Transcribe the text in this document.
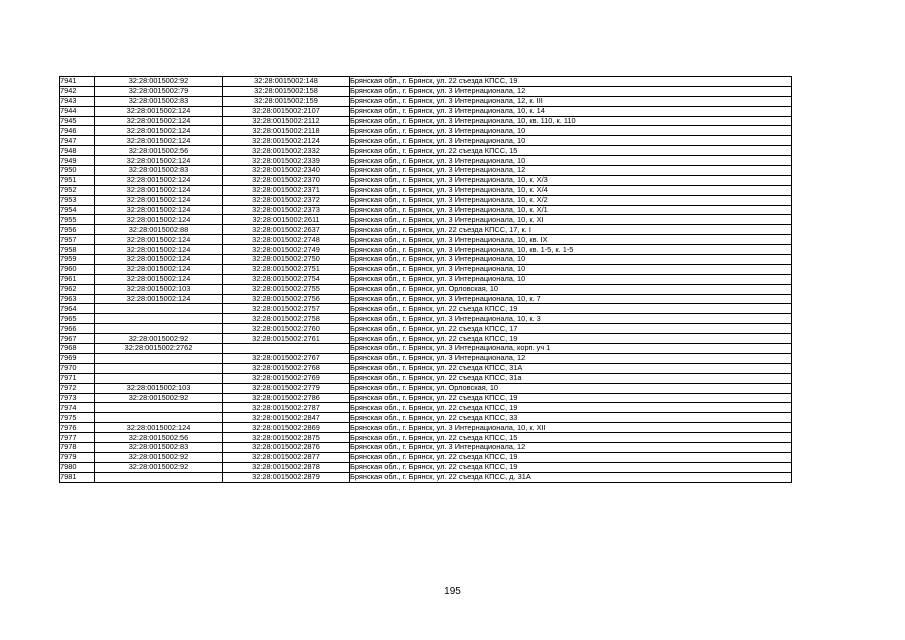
7941	32:28:0015002:92	32:28:0015002:148	Брянская обл., г. Брянск, ул. 22 съезда КПСС, 19
7942	32:28:0015002:79	32:28:0015002:158	Брянская обл., г. Брянск, ул. 3 Интернационала, 12
7943	32:28:0015002:83	32:28:0015002:159	Брянская обл., г. Брянск, ул. 3 Интернационала, 12, к. III
7944	32:28:0015002:124	32:28:0015002:2107	Брянская обл., г. Брянск, ул. 3 Интернационала, 10, к. 14
7945	32:28:0015002:124	32:28:0015002:2112	Брянская обл., г. Брянск, ул. 3 Интернационала, 10, кв. 110, к. 110
7946	32:28:0015002:124	32:28:0015002:2118	Брянская обл., г. Брянск, ул. 3 Интернационала, 10
7947	32:28:0015002:124	32:28:0015002:2124	Брянская обл., г. Брянск, ул. 3 Интернационала, 10
7948	32:28:0015002:56	32:28:0015002:2332	Брянская обл., г. Брянск, ул. 22 съезда КПСС, 15
7949	32:28:0015002:124	32:28:0015002:2339	Брянская обл., г. Брянск, ул. 3 Интернационала, 10
7950	32:28:0015002:83	32:28:0015002:2340	Брянская обл., г. Брянск, ул. 3 Интернационала, 12
7951	32:28:0015002:124	32:28:0015002:2370	Брянская обл., г. Брянск, ул. 3 Интернационала, 10, к. Х/3
7952	32:28:0015002:124	32:28:0015002:2371	Брянская обл., г. Брянск, ул. 3 Интернационала, 10, к. Х/4
7953	32:28:0015002:124	32:28:0015002:2372	Брянская обл., г. Брянск, ул. 3 Интернационала, 10, к. Х/2
7954	32:28:0015002:124	32:28:0015002:2373	Брянская обл., г. Брянск, ул. 3 Интернационала, 10, к. Х/1
7955	32:28:0015002:124	32:28:0015002:2611	Брянская обл., г. Брянск, ул. 3 Интернационала, 10, к. XI
7956	32:28:0015002:88	32:28:0015002:2637	Брянская обл., г. Брянск, ул. 22 съезда КПСС, 17, к. I
7957	32:28:0015002:124	32:28:0015002:2748	Брянская обл., г. Брянск, ул. 3 Интернационала, 10, кв. IX
7958	32:28:0015002:124	32:28:0015002:2749	Брянская обл., г. Брянск, ул. 3 Интернационала, 10, кв. 1-5, к. 1-5
7959	32:28:0015002:124	32:28:0015002:2750	Брянская обл., г. Брянск, ул. 3 Интернационала, 10
7960	32:28:0015002:124	32:28:0015002:2751	Брянская обл., г. Брянск, ул. 3 Интернационала, 10
7961	32:28:0015002:124	32:28:0015002:2754	Брянская обл., г. Брянск, ул. 3 Интернационала, 10
7962	32:28:0015002:103	32:28:0015002:2755	Брянская обл., г. Брянск, ул. Орловская, 10
7963	32:28:0015002:124	32:28:0015002:2756	Брянская обл., г. Брянск, ул. 3 Интернационала, 10, к. 7
7964		32:28:0015002:2757	Брянская обл., г. Брянск, ул. 22 съезда КПСС, 19
7965		32:28:0015002:2758	Брянская обл., г. Брянск, ул. 3 Интернационала, 10, к. 3
7966		32:28:0015002:2760	Брянская обл., г. Брянск, ул. 22 съезда КПСС, 17
7967	32:28:0015002:92	32:28:0015002:2761	Брянская обл., г. Брянск, ул. 22 съезда КПСС, 19
7968	32:28:0015002:2762		Брянская обл., г. Брянск, ул. 3 Интернационала, корп. уч 1
7969		32:28:0015002:2767	Брянская обл., г. Брянск, ул. 3 Интернационала, 12
7970		32:28:0015002:2768	Брянская обл., г. Брянск, ул. 22 съезда КПСС, 31А
7971		32:28:0015002:2769	Брянская обл., г. Брянск, ул. 22 съезда КПСС, 31а
7972	32:28:0015002:103	32:28:0015002:2779	Брянская обл., г. Брянск, ул. Орловская, 10
7973	32:28:0015002:92	32:28:0015002:2786	Брянская обл., г. Брянск, ул. 22 съезда КПСС, 19
7974		32:28:0015002:2787	Брянская обл., г. Брянск, ул. 22 съезда КПСС, 19
7975		32:28:0015002:2847	Брянская обл., г. Брянск, ул. 22 съезда КПСС, 33
7976	32:28:0015002:124	32:28:0015002:2869	Брянская обл., г. Брянск, ул. 3 Интернационала, 10, к. XII
7977	32:28:0015002:56	32:28:0015002:2875	Брянская обл., г. Брянск, ул. 22 съезда КПСС, 15
7978	32:28:0015002:83	32:28:0015002:2876	Брянская обл., г. Брянск, ул. 3 Интернационала, 12
7979	32:28:0015002:92	32:28:0015002:2877	Брянская обл., г. Брянск, ул. 22 съезда КПСС, 19
7980	32:28:0015002:92	32:28:0015002:2878	Брянская обл., г. Брянск, ул. 22 съезда КПСС, 19
7981		32:28:0015002:2879	Брянская обл., г. Брянск, ул. 22 съезда КПСС, д. 31А
195
